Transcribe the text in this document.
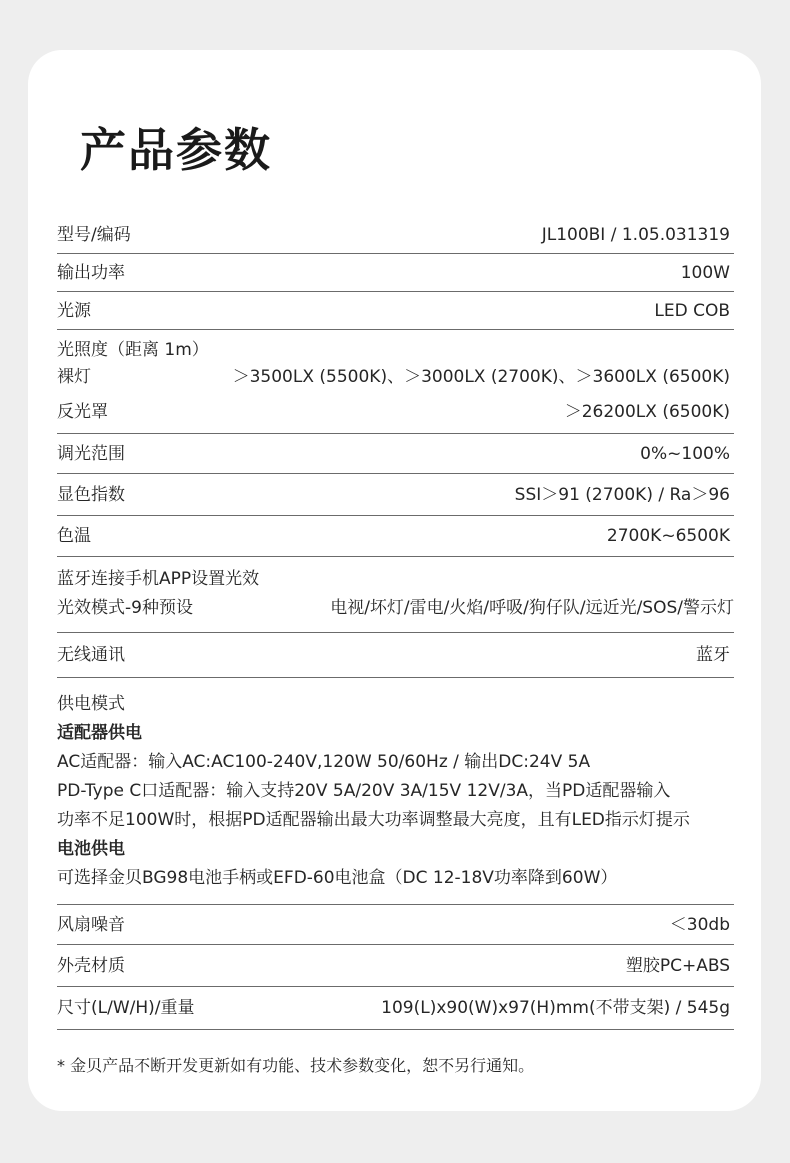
产品参数
型号/编码	JL100BI / 1.05.031319
输出功率	100W
光源	LED COB
光照度（距离 1m）
裸灯	＞3500LX (5500K)、＞3000LX (2700K)、＞3600LX (6500K)
反光罩	＞26200LX (6500K)
调光范围	0%~100%
显色指数	SSI＞91 (2700K) / Ra＞96
色温	2700K~6500K
蓝牙连接手机APP设置光效
光效模式-9种预设	电视/坏灯/雷电/火焰/呼吸/狗仔队/远近光/SOS/警示灯
无线通讯	蓝牙
供电模式
适配器供电
AC适配器：输入AC:AC100-240V,120W 50/60Hz / 输出DC:24V 5A
PD-Type C口适配器：输入支持20V 5A/20V 3A/15V 12V/3A，当PD适配器输入
功率不足100W时，根据PD适配器输出最大功率调整最大亮度，且有LED指示灯提示
电池供电
可选择金贝BG98电池手柄或EFD-60电池盒（DC 12-18V功率降到60W）
风扇噪音	＜30db
外壳材质	塑胶PC+ABS
尺寸(L/W/H)/重量	109(L)x90(W)x97(H)mm(不带支架) / 545g
* 金贝产品不断开发更新如有功能、技术参数变化，恕不另行通知。
